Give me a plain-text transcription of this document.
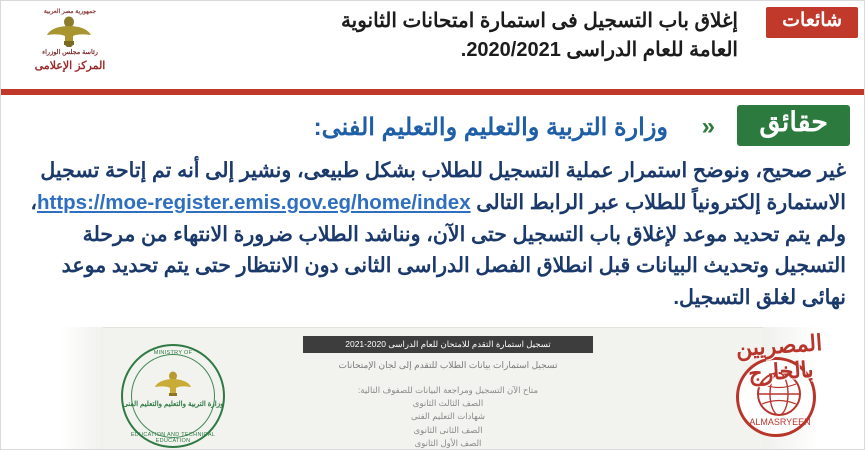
جمهورية مصر العربية
رئاسة مجلس الوزراء
المركز الإعلامى
إغلاق باب التسجيل فى استمارة امتحانات الثانوية العامة للعام الدراسى 2020/2021.
شائعات
حقائق
«
وزارة التربية والتعليم والتعليم الفنى:
غير صحيح، ونوضح استمرار عملية التسجيل للطلاب بشكل طبيعى، ونشير إلى أنه تم إتاحة تسجيل الاستمارة إلكترونياً للطلاب عبر الرابط التالى https://moe-register.emis.gov.eg/home/index، ولم يتم تحديد موعد لإغلاق باب التسجيل حتى الآن، ونناشد الطلاب ضرورة الانتهاء من مرحلة التسجيل وتحديث البيانات قبل انطلاق الفصل الدراسى الثانى دون الانتظار حتى يتم تحديد موعد نهائى لغلق التسجيل.
MINISTRY OF
وزارة التربية والتعليم والتعليم الفنى
EDUCATION AND TECHNICAL EDUCATION
تسجيل استمارة التقدم للامتحان للعام الدراسى 2020-2021
تسجيل استمارات بيانات الطلاب للتقدم إلى لجان الإمتحانات
متاح الآن التسجيل ومراجعة البيانات للصفوف التالية:
الصف الثالث الثانوى
شهادات التعليم الفنى
الصف الثانى الثانوى
الصف الأول الثانوى
المصريين بالخارج
ALMASRYEEN
